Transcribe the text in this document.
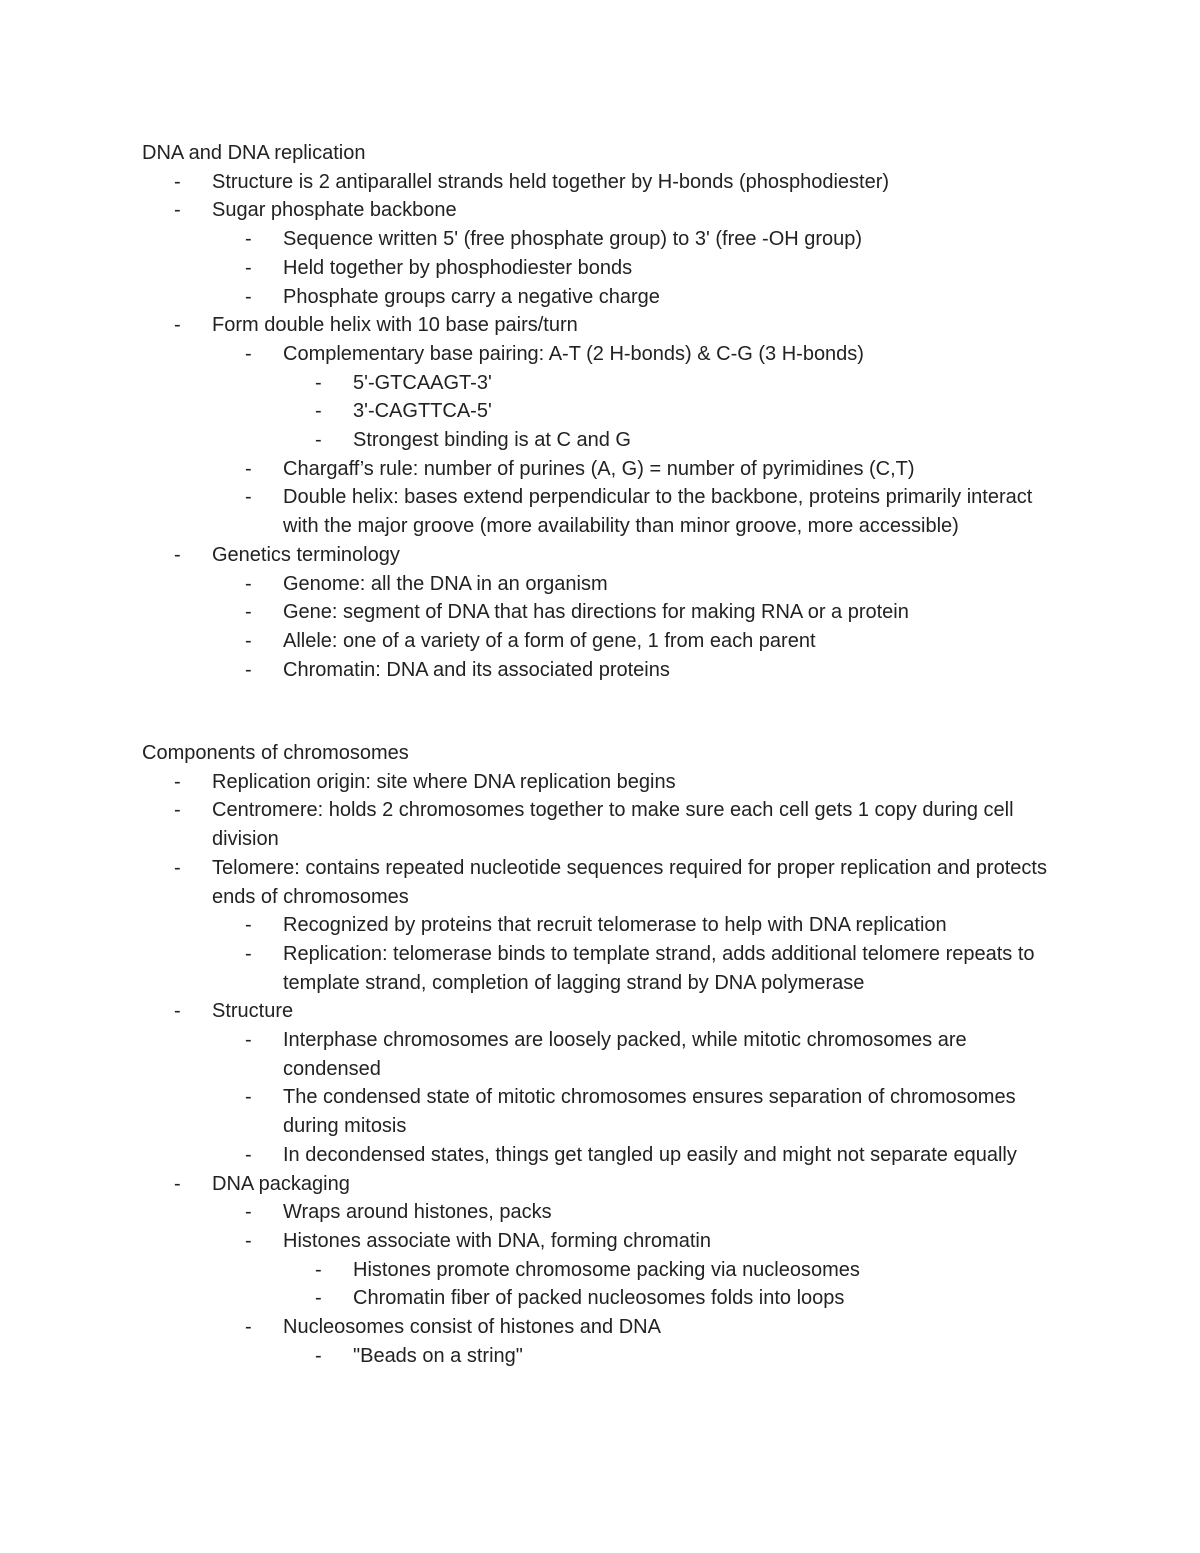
DNA and DNA replication
- Structure is 2 antiparallel strands held together by H-bonds (phosphodiester)
- Sugar phosphate backbone
- Sequence written 5' (free phosphate group) to 3' (free -OH group)
- Held together by phosphodiester bonds
- Phosphate groups carry a negative charge
- Form double helix with 10 base pairs/turn
- Complementary base pairing: A-T (2 H-bonds) & C-G (3 H-bonds)
- 5'-GTCAAGT-3'
- 3'-CAGTTCA-5'
- Strongest binding is at C and G
- Chargaff’s rule: number of purines (A, G) = number of pyrimidines (C,T)
- Double helix: bases extend perpendicular to the backbone, proteins primarily interact with the major groove (more availability than minor groove, more accessible)
- Genetics terminology
- Genome: all the DNA in an organism
- Gene: segment of DNA that has directions for making RNA or a protein
- Allele: one of a variety of a form of gene, 1 from each parent
- Chromatin: DNA and its associated proteins
Components of chromosomes
- Replication origin: site where DNA replication begins
- Centromere: holds 2 chromosomes together to make sure each cell gets 1 copy during cell division
- Telomere: contains repeated nucleotide sequences required for proper replication and protects ends of chromosomes
- Recognized by proteins that recruit telomerase to help with DNA replication
- Replication: telomerase binds to template strand, adds additional telomere repeats to template strand, completion of lagging strand by DNA polymerase
- Structure
- Interphase chromosomes are loosely packed, while mitotic chromosomes are condensed
- The condensed state of mitotic chromosomes ensures separation of chromosomes during mitosis
- In decondensed states, things get tangled up easily and might not separate equally
- DNA packaging
- Wraps around histones, packs
- Histones associate with DNA, forming chromatin
- Histones promote chromosome packing via nucleosomes
- Chromatin fiber of packed nucleosomes folds into loops
- Nucleosomes consist of histones and DNA
- "Beads on a string"
